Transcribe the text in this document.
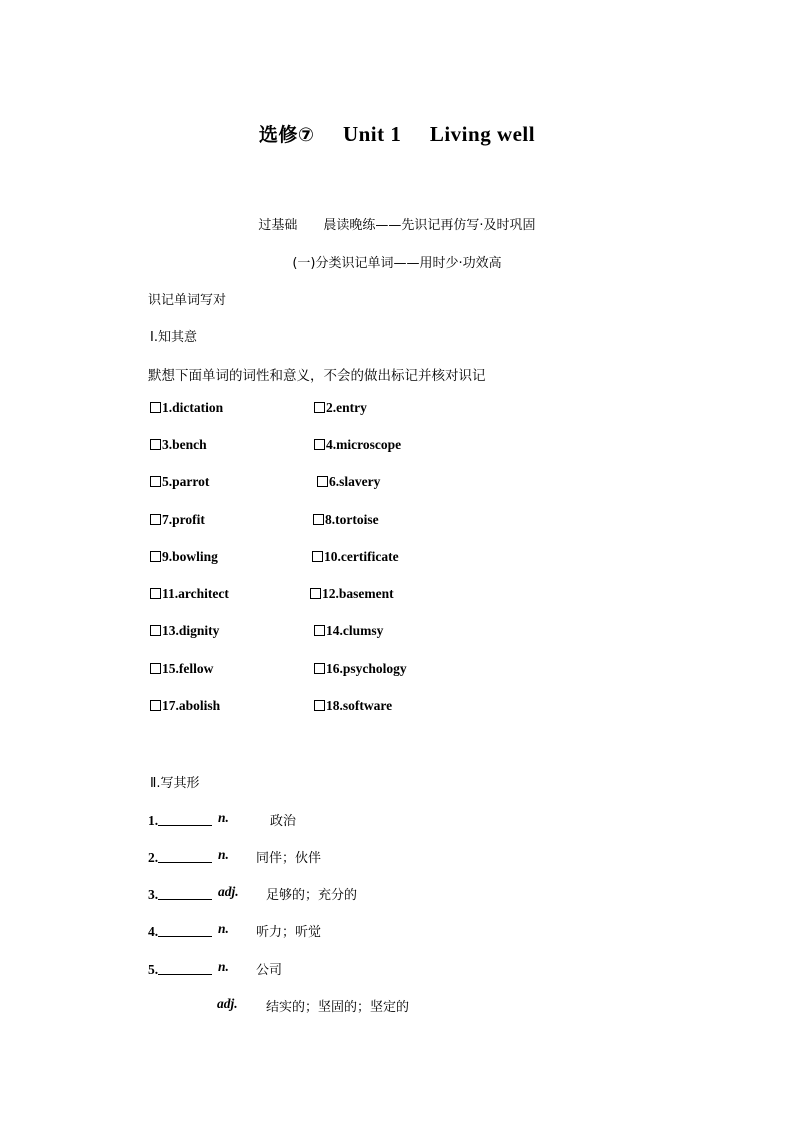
选修⑦ Unit 1 Living well
过基础　　晨读晚练——先识记再仿写·及时巩固
(一)分类识记单词——用时少·功效高
识记单词写对
Ⅰ.知其意
默想下面单词的词性和意义，不会的做出标记并核对识记
1.dictation	2.entry
3.bench	4.microscope
5.parrot	6.slavery
7.profit	8.tortoise
9.bowling	10.certificate
11.architect	12.basement
13.dignity	14.clumsy
15.fellow	16.psychology
17.abolish	18.software
Ⅱ.写其形
1.	n.	政治
2.	n. 同伴；伙伴
3.	adj. 足够的；充分的
4.	n. 听力；听觉
5.	n. 公司
adj. 结实的；坚固的；坚定的
